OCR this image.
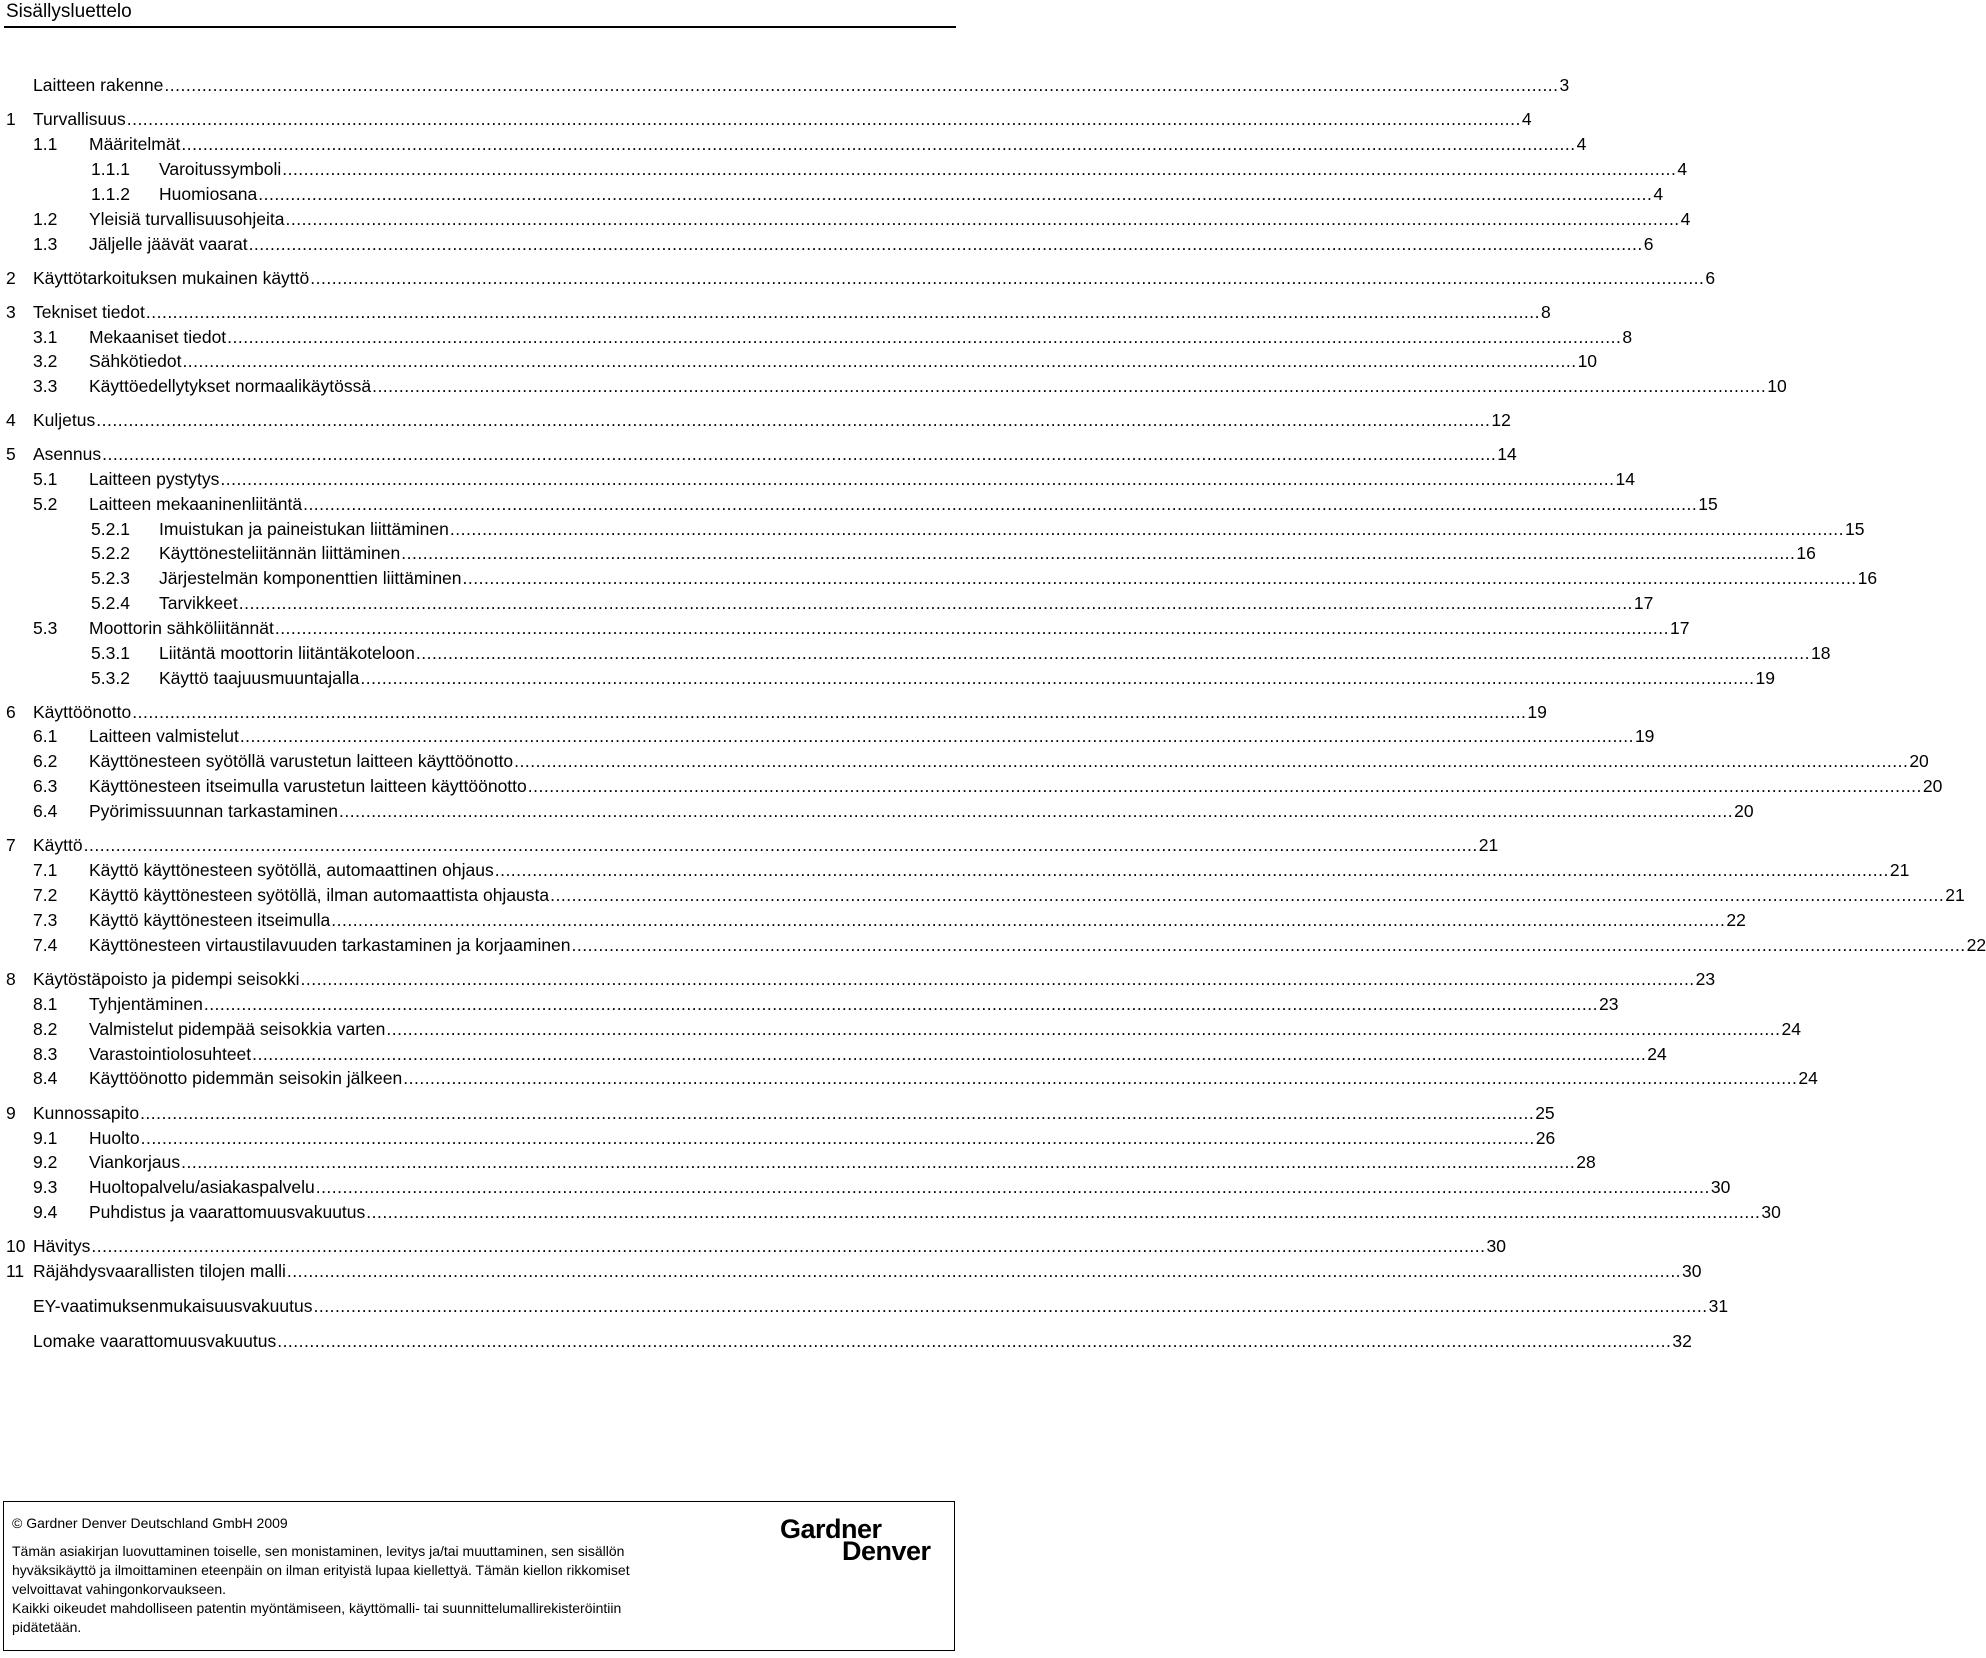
Sisällysluettelo
Laitteen rakenne .................................................................................................................................................................................................................................................................... 3
1 Turvallisuus .................................................................................................................................................................................................................................................................... 4
1.1	Määritelmät .................................................................................................................................................................................................................................................................... 4
1.1.1	Varoitussymboli .................................................................................................................................................................................................................................................................... 4
1.1.2	Huomiosana .................................................................................................................................................................................................................................................................... 4
1.2	Yleisiä turvallisuusohjeita .................................................................................................................................................................................................................................................................... 4
1.3	Jäljelle jäävät vaarat .................................................................................................................................................................................................................................................................... 6
2 Käyttötarkoituksen mukainen käyttö .................................................................................................................................................................................................................................................................... 6
3 Tekniset tiedot .................................................................................................................................................................................................................................................................... 8
3.1	Mekaaniset tiedot .................................................................................................................................................................................................................................................................... 8
3.2	Sähkötiedot .................................................................................................................................................................................................................................................................... 10
3.3	Käyttöedellytykset normaalikäytössä .................................................................................................................................................................................................................................................................... 10
4 Kuljetus .................................................................................................................................................................................................................................................................... 12
5 Asennus .................................................................................................................................................................................................................................................................... 14
5.1	Laitteen pystytys .................................................................................................................................................................................................................................................................... 14
5.2	Laitteen mekaaninenliitäntä .................................................................................................................................................................................................................................................................... 15
5.2.1	Imuistukan ja paineistukan liittäminen .................................................................................................................................................................................................................................................................... 15
5.2.2	Käyttönesteliitännän liittäminen .................................................................................................................................................................................................................................................................... 16
5.2.3	Järjestelmän komponenttien liittäminen .................................................................................................................................................................................................................................................................... 16
5.2.4	Tarvikkeet .................................................................................................................................................................................................................................................................... 17
5.3	Moottorin sähköliitännät .................................................................................................................................................................................................................................................................... 17
5.3.1	Liitäntä moottorin liitäntäkoteloon .................................................................................................................................................................................................................................................................... 18
5.3.2	Käyttö taajuusmuuntajalla .................................................................................................................................................................................................................................................................... 19
6 Käyttöönotto .................................................................................................................................................................................................................................................................... 19
6.1	Laitteen valmistelut .................................................................................................................................................................................................................................................................... 19
6.2	Käyttönesteen syötöllä varustetun laitteen käyttöönotto .................................................................................................................................................................................................................................................................... 20
6.3	Käyttönesteen itseimulla varustetun laitteen käyttöönotto .................................................................................................................................................................................................................................................................... 20
6.4	Pyörimissuunnan tarkastaminen .................................................................................................................................................................................................................................................................... 20
7 Käyttö .................................................................................................................................................................................................................................................................... 21
7.1	Käyttö käyttönesteen syötöllä, automaattinen ohjaus .................................................................................................................................................................................................................................................................... 21
7.2	Käyttö käyttönesteen syötöllä, ilman automaattista ohjausta .................................................................................................................................................................................................................................................................... 21
7.3	Käyttö käyttönesteen itseimulla .................................................................................................................................................................................................................................................................... 22
7.4	Käyttönesteen virtaustilavuuden tarkastaminen ja korjaaminen .................................................................................................................................................................................................................................................................... 22
8 Käytöstäpoisto ja pidempi seisokki .................................................................................................................................................................................................................................................................... 23
8.1	Tyhjentäminen .................................................................................................................................................................................................................................................................... 23
8.2	Valmistelut pidempää seisokkia varten .................................................................................................................................................................................................................................................................... 24
8.3	Varastointiolosuhteet .................................................................................................................................................................................................................................................................... 24
8.4	Käyttöönotto pidemmän seisokin jälkeen .................................................................................................................................................................................................................................................................... 24
9 Kunnossapito .................................................................................................................................................................................................................................................................... 25
9.1	Huolto .................................................................................................................................................................................................................................................................... 26
9.2	Viankorjaus .................................................................................................................................................................................................................................................................... 28
9.3	Huoltopalvelu/asiakaspalvelu .................................................................................................................................................................................................................................................................... 30
9.4	Puhdistus ja vaarattomuusvakuutus .................................................................................................................................................................................................................................................................... 30
10 Hävitys .................................................................................................................................................................................................................................................................... 30
11 Räjähdysvaarallisten tilojen malli .................................................................................................................................................................................................................................................................... 30
EY-vaatimuksenmukaisuusvakuutus .................................................................................................................................................................................................................................................................... 31
Lomake vaarattomuusvakuutus .................................................................................................................................................................................................................................................................... 32
© Gardner Denver Deutschland GmbH 2009
Tämän asiakirjan luovuttaminen toiselle, sen monistaminen, levitys ja/tai muuttaminen, sen sisällön
hyväksikäyttö ja ilmoittaminen eteenpäin on ilman erityistä lupaa kiellettyä. Tämän kiellon rikkomiset
velvoittavat vahingonkorvaukseen.
Kaikki oikeudet mahdolliseen patentin myöntämiseen, käyttömalli- tai suunnittelumallirekisteröintiin
pidätetään.
Gardner
Denver
